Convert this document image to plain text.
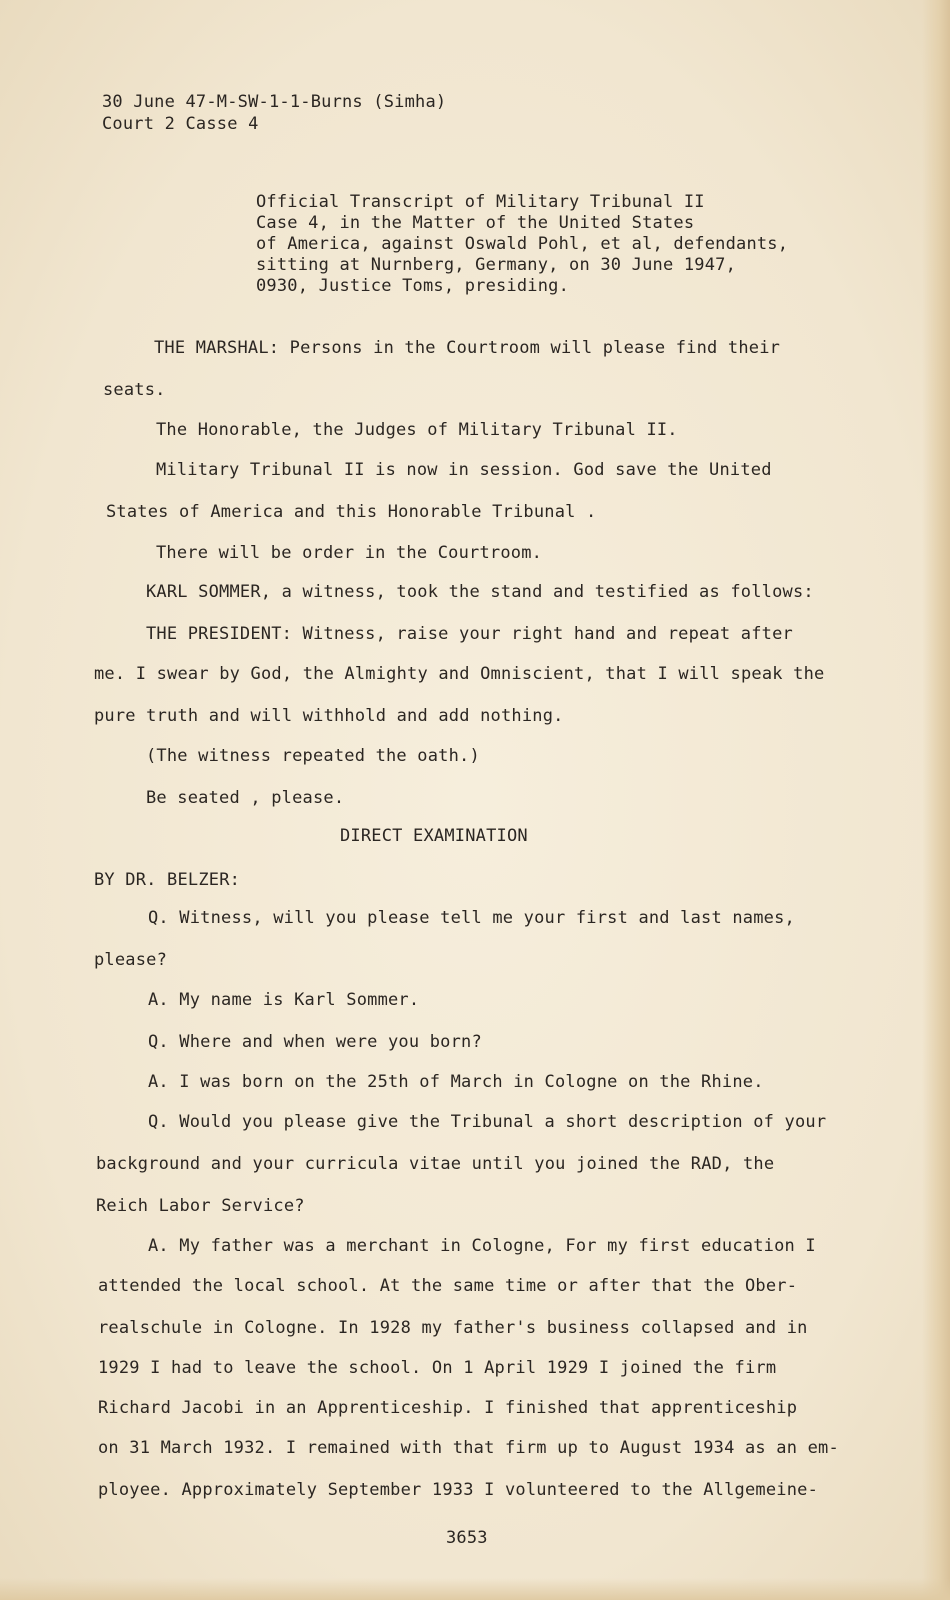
30 June 47-M-SW-1-1-Burns (Simha)
Court 2 Casse 4
Official Transcript of Military Tribunal II
Case 4, in the Matter of the United States
of America, against Oswald Pohl, et al, defendants,
sitting at Nurnberg, Germany, on 30 June 1947,
0930, Justice Toms, presiding.
THE MARSHAL: Persons in the Courtroom will please find their
seats.
The Honorable, the Judges of Military Tribunal II.
Military Tribunal II is now in session. God save the United
States of America and this Honorable Tribunal .
There will be order in the Courtroom.
KARL SOMMER, a witness, took the stand and testified as follows:
THE PRESIDENT: Witness, raise your right hand and repeat after
me. I swear by God, the Almighty and Omniscient, that I will speak the
pure truth and will withhold and add nothing.
(The witness repeated the oath.)
Be seated , please.
DIRECT EXAMINATION
BY DR. BELZER:
Q. Witness, will you please tell me your first and last names,
please?
A. My name is Karl Sommer.
Q. Where and when were you born?
A. I was born on the 25th of March in Cologne on the Rhine.
Q. Would you please give the Tribunal a short description of your
background and your curricula vitae until you joined the RAD, the
Reich Labor Service?
A. My father was a merchant in Cologne, For my first education I
attended the local school. At the same time or after that the Ober-
realschule in Cologne. In 1928 my father's business collapsed and in
1929 I had to leave the school. On 1 April 1929 I joined the firm
Richard Jacobi in an Apprenticeship. I finished that apprenticeship
on 31 March 1932. I remained with that firm up to August 1934 as an em-
ployee. Approximately September 1933 I volunteered to the Allgemeine-
3653
